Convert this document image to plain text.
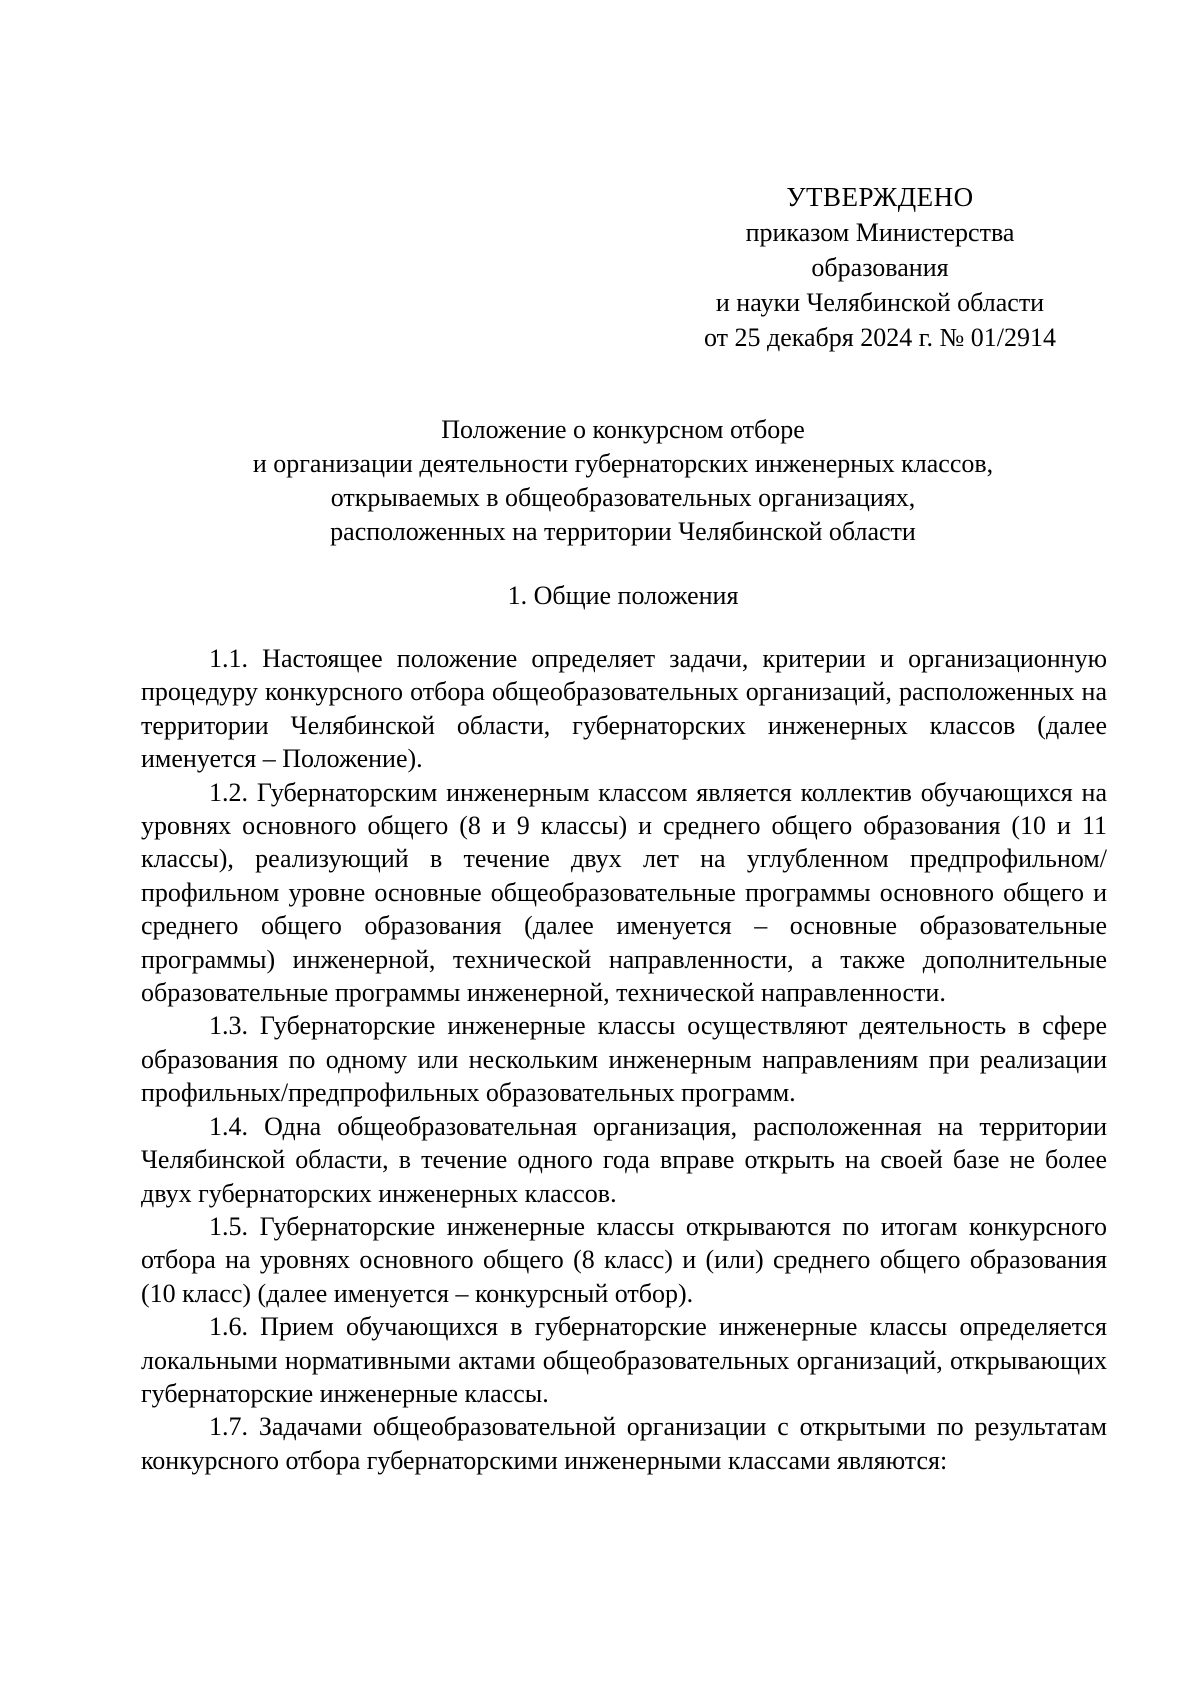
УТВЕРЖДЕНО
приказом Министерства
образования
и науки Челябинской области
от 25 декабря 2024 г. № 01/2914
Положение о конкурсном отборе
и организации деятельности губернаторских инженерных классов,
открываемых в общеобразовательных организациях,
расположенных на территории Челябинской области
1. Общие положения

1.1. Настоящее положение определяет задачи, критерии и организационную процедуру конкурсного отбора общеобразовательных организаций, расположенных на территории Челябинской области, губернаторских инженерных классов (далее именуется – Положение).

1.2. Губернаторским инженерным классом является коллектив обучающихся на уровнях основного общего (8 и 9 классы) и среднего общего образования (10 и 11 классы), реализующий в течение двух лет на углубленном предпрофильном/профильном уровне основные общеобразовательные программы основного общего и среднего общего образования (далее именуется – основные образовательные программы) инженерной, технической направленности, а также дополнительные образовательные программы инженерной, технической направленности.

1.3. Губернаторские инженерные классы осуществляют деятельность в сфере образования по одному или нескольким инженерным направлениям при реализации профильных/предпрофильных образовательных программ.

1.4. Одна общеобразовательная организация, расположенная на территории Челябинской области, в течение одного года вправе открыть на своей базе не более двух губернаторских инженерных классов.

1.5. Губернаторские инженерные классы открываются по итогам конкурсного отбора на уровнях основного общего (8 класс) и (или) среднего общего образования (10 класс) (далее именуется – конкурсный отбор).

1.6. Прием обучающихся в губернаторские инженерные классы определяется локальными нормативными актами общеобразовательных организаций, открывающих губернаторские инженерные классы.

1.7. Задачами общеобразовательной организации с открытыми по результатам конкурсного отбора губернаторскими инженерными классами являются:
